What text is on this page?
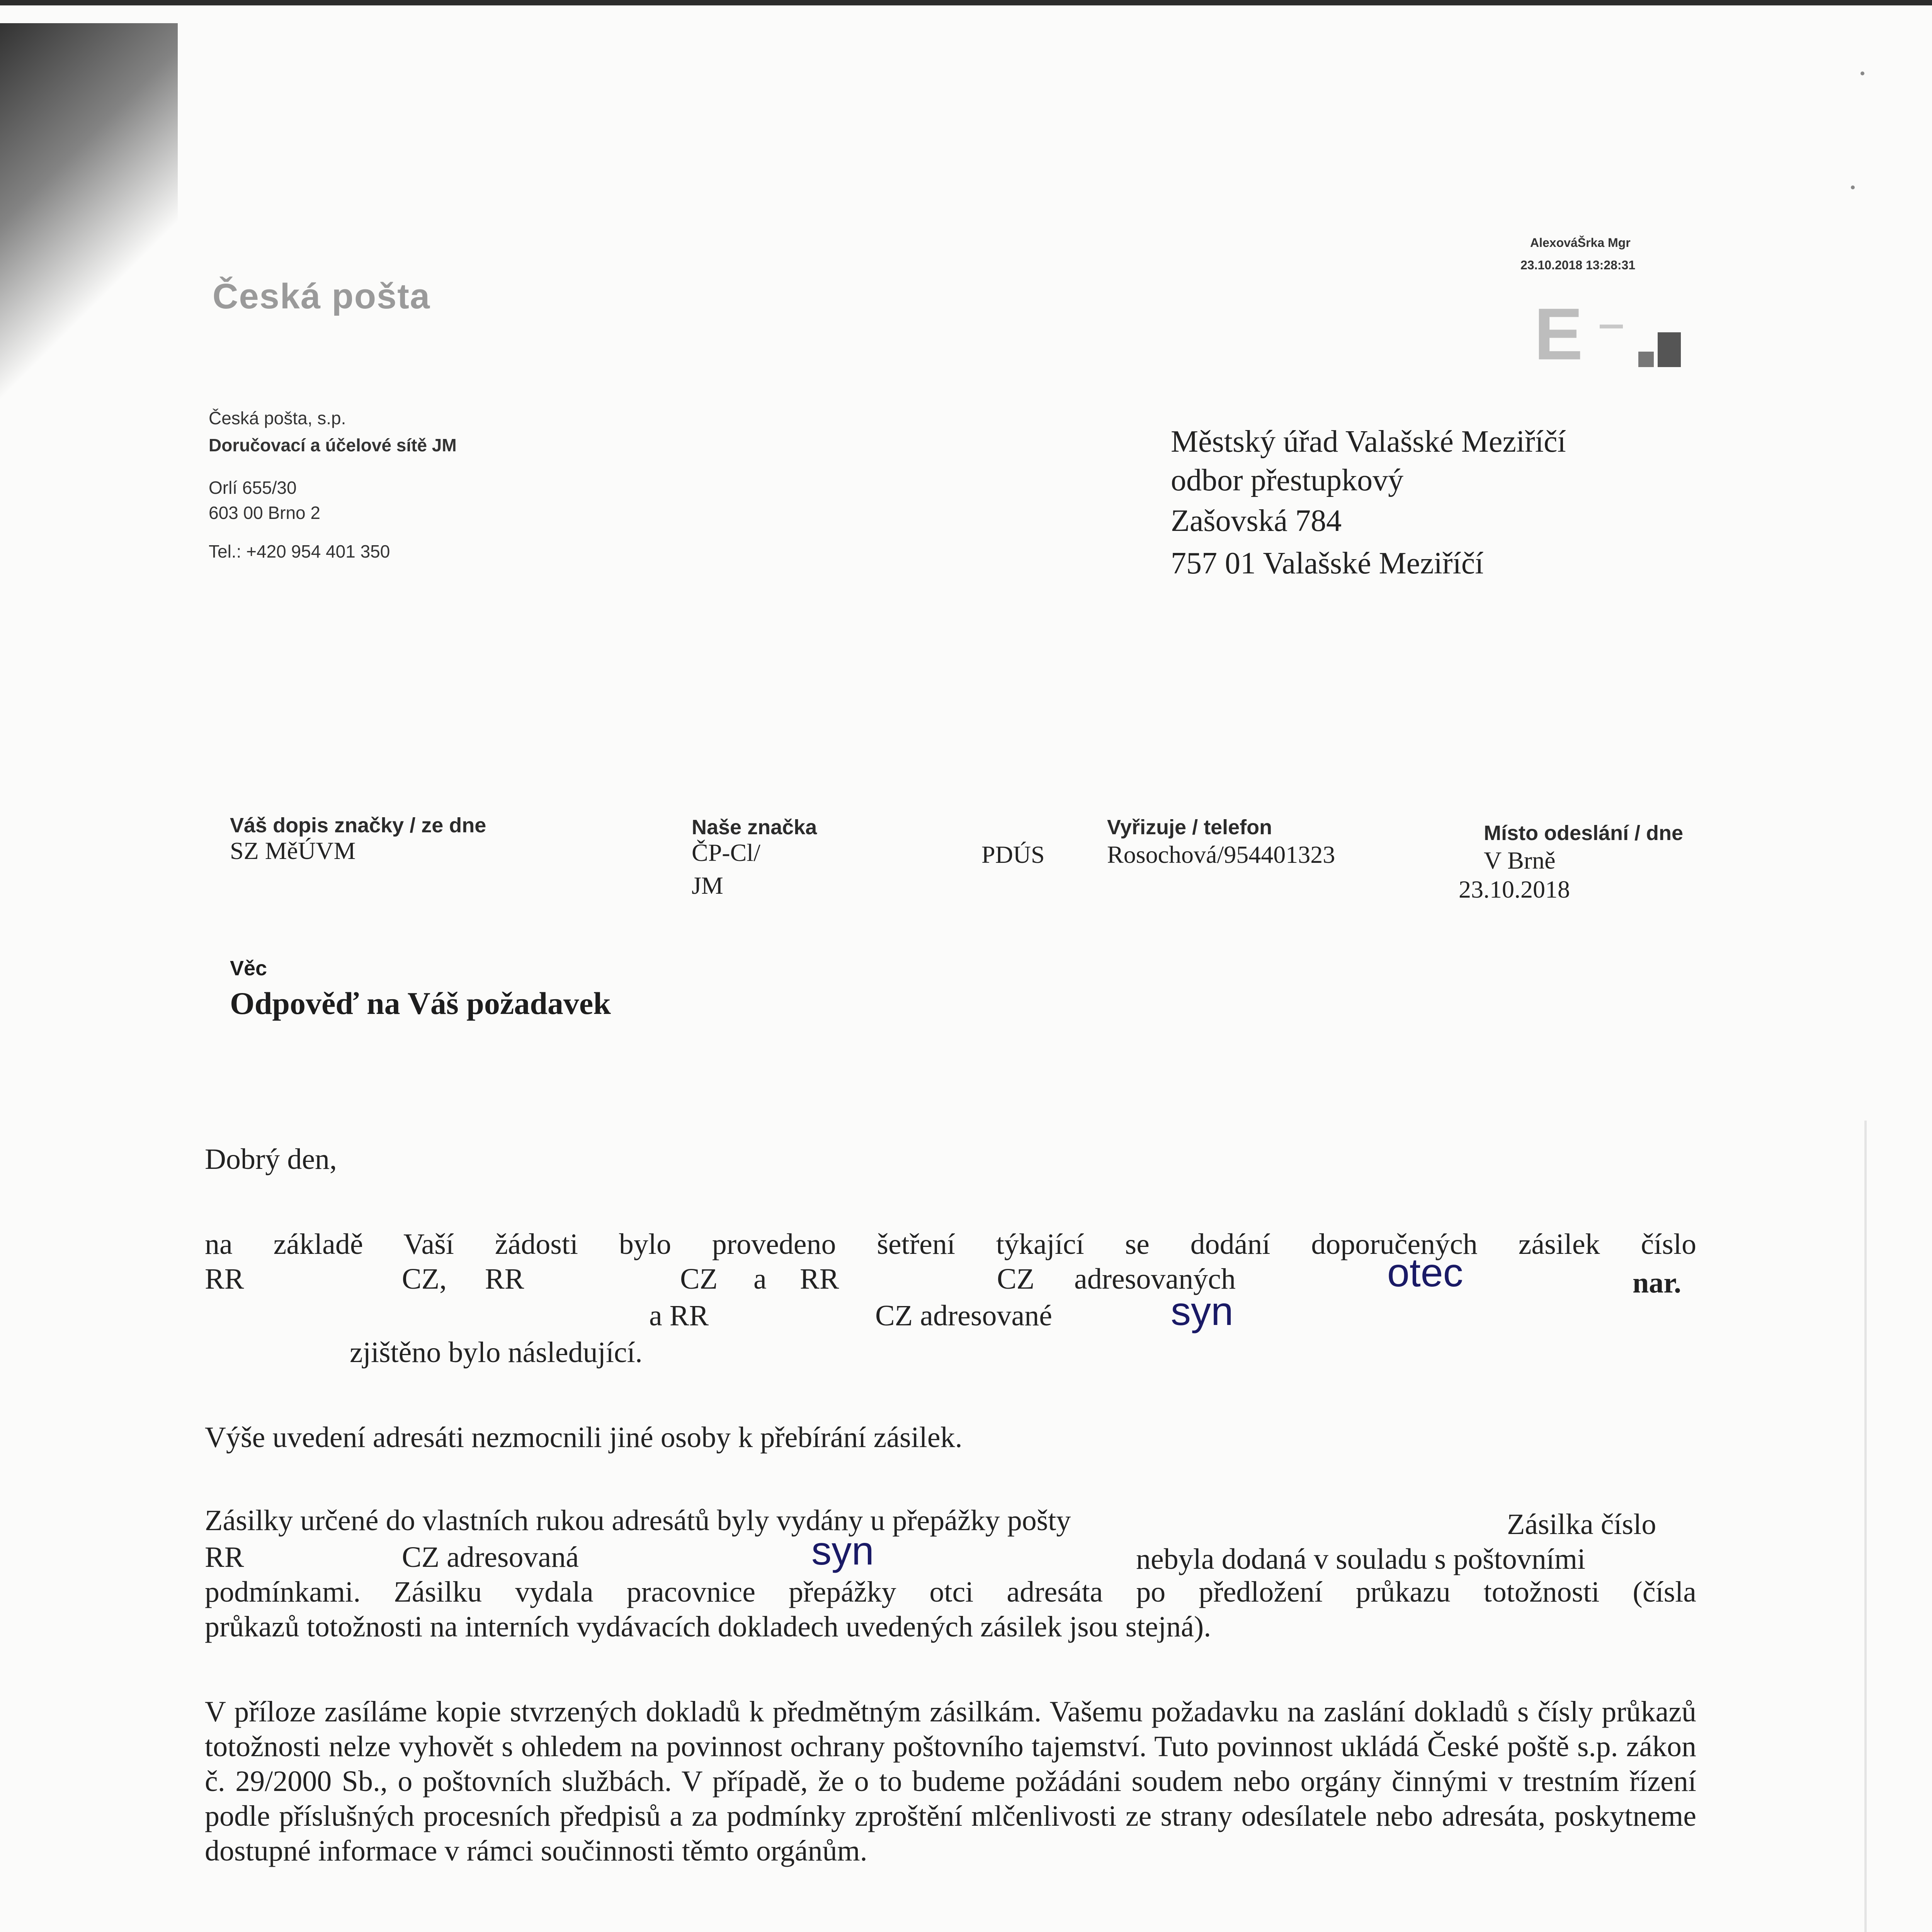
Česká pošta
AlexováŠrka Mgr
23.10.2018 13:28:31
E
Česká pošta, s.p.
Doručovací a účelové sítě JM
Orlí 655/30
603 00 Brno 2
Tel.: +420 954 401 350
Městský úřad Valašské Meziříčí
odbor přestupkový
Zašovská 784
757 01 Valašské Meziříčí
Váš dopis značky / ze dne
SZ MěÚVM
Naše značka
ČP-Cl/
JM
PDÚS
Vyřizuje / telefon
Rosochová/954401323
Místo odeslání / dne
V Brně
23.10.2018
Věc
Odpověď na Váš požadavek
Dobrý den,
na základě Vaší žádosti bylo provedeno šetření týkající se dodání doporučených zásilek číslo
RR	CZ, RR	CZ a RR	CZ adresovaných	otec	nar.
a RR	CZ adresované	syn
zjištěno bylo následující.
Výše uvedení adresáti nezmocnili jiné osoby k přebírání zásilek.
Zásilky určené do vlastních rukou adresátů byly vydány u přepážky pošty	Zásilka číslo
RR	CZ adresovaná	syn	nebyla dodaná v souladu s poštovními
podmínkami. Zásilku vydala pracovnice přepážky otci adresáta po předložení průkazu totožnosti (čísla
průkazů totožnosti na interních vydávacích dokladech uvedených zásilek jsou stejná).
V příloze zasíláme kopie stvrzených dokladů k předmětným zásilkám. Vašemu požadavku na zaslání dokladů s čísly průkazů totožnosti nelze vyhovět s ohledem na povinnost ochrany poštovního tajemství. Tuto povinnost ukládá České poště s.p. zákon č. 29/2000 Sb., o poštovních službách. V případě, že o to budeme požádáni soudem nebo orgány činnými v trestním řízení podle příslušných procesních předpisů a za podmínky zproštění mlčenlivosti ze strany odesílatele nebo adresáta, poskytneme dostupné informace v rámci součinnosti těmto orgánům.
